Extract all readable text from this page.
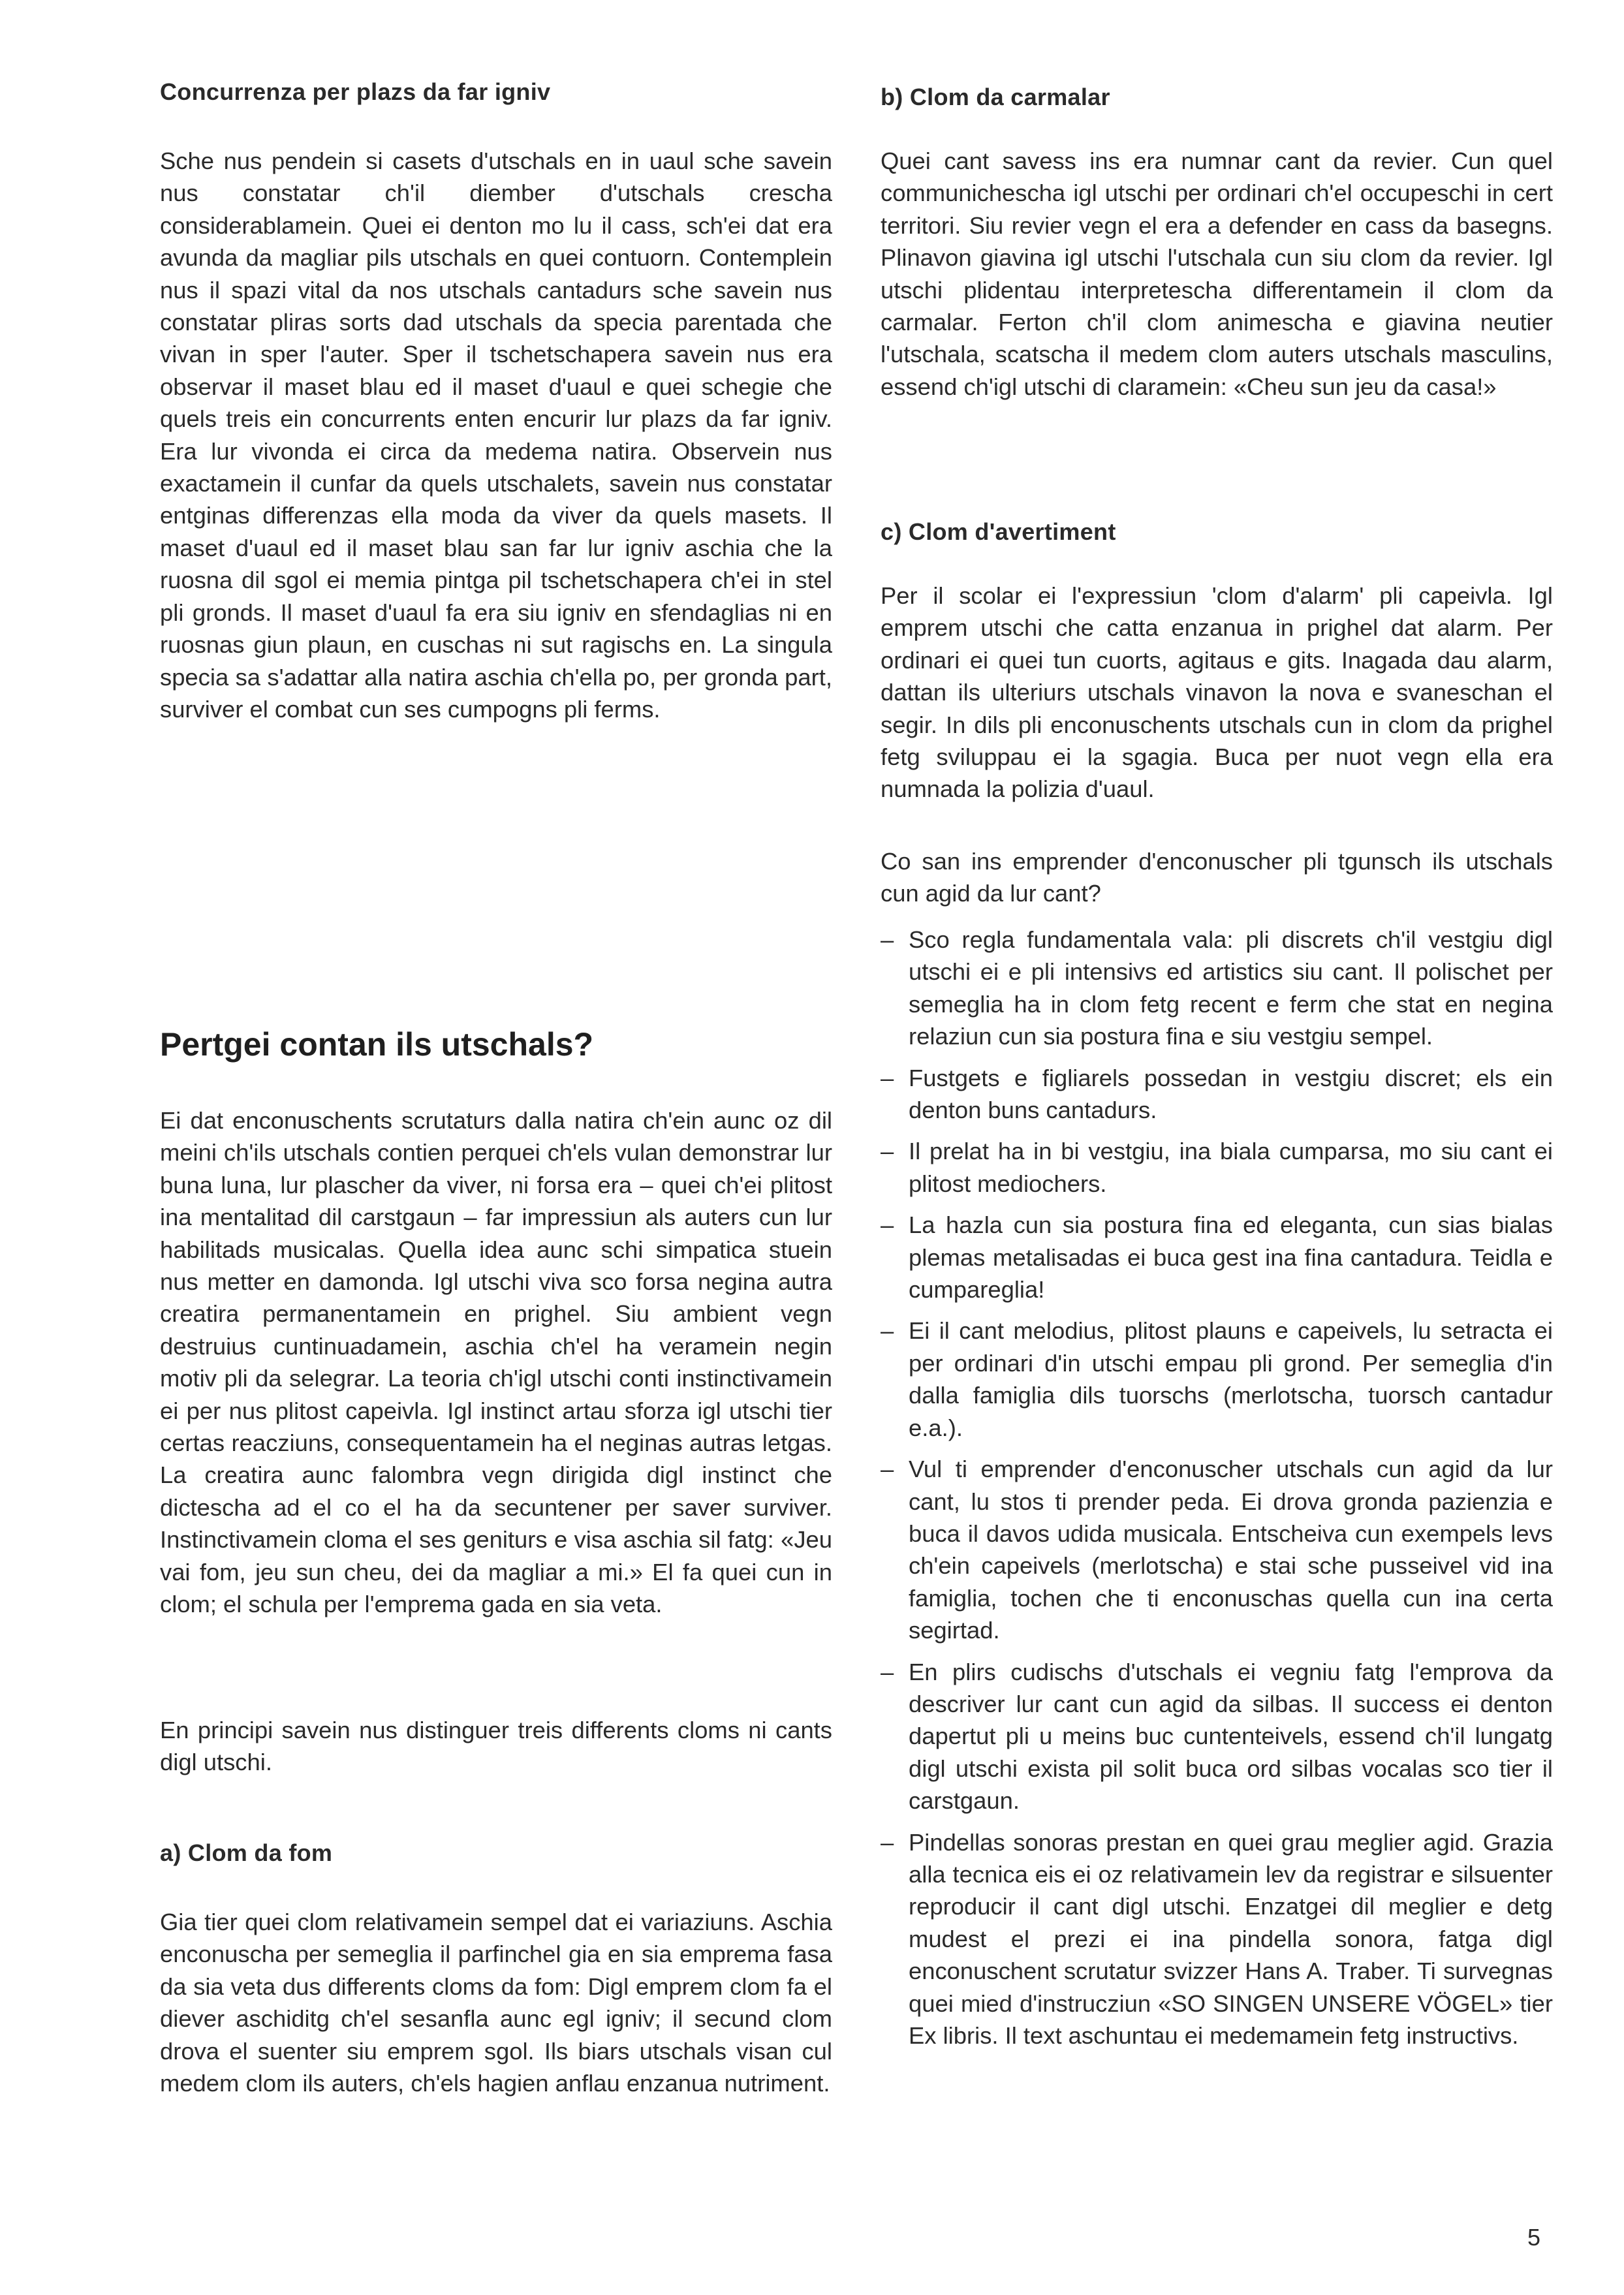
Concurrenza per plazs da far igniv

Sche nus pendein si casets d'utschals en in uaul sche savein nus constatar ch'il diember d'utschals crescha considerablamein. Quei ei denton mo lu il cass, sch'ei dat era avunda da magliar pils utschals en quei contuorn. Contemplein nus il spazi vital da nos utschals cantadurs sche savein nus constatar pliras sorts dad utschals da specia parentada che vivan in sper l'auter. Sper il tschetschapera savein nus era observar il maset blau ed il maset d'uaul e quei schegie che quels treis ein concurrents enten encurir lur plazs da far igniv. Era lur vivonda ei circa da medema natira. Observein nus exactamein il cunfar da quels utschalets, savein nus constatar entginas differenzas ella moda da viver da quels masets. Il maset d'uaul ed il maset blau san far lur igniv aschia che la ruosna dil sgol ei memia pintga pil tschetschapera ch'ei in stel pli gronds. Il maset d'uaul fa era siu igniv en sfendaglias ni en ruosnas giun plaun, en cuschas ni sut ragischs en. La singula specia sa s'adattar alla natira aschia ch'ella po, per gronda part, surviver el combat cun ses cumpogns pli ferms.

Pertgei contan ils utschals?

Ei dat enconuschents scrutaturs dalla natira ch'ein aunc oz dil meini ch'ils utschals contien perquei ch'els vulan demonstrar lur buna luna, lur plascher da viver, ni forsa era – quei ch'ei plitost ina mentalitad dil carstgaun – far impressiun als auters cun lur habilitads musicalas. Quella idea aunc schi simpatica stuein nus metter en damonda. Igl utschi viva sco forsa negina autra creatira permanentamein en prighel. Siu ambient vegn destruius cuntinuadamein, aschia ch'el ha veramein negin motiv pli da selegrar. La teoria ch'igl utschi conti instinctivamein ei per nus plitost capeivla. Igl instinct artau sforza igl utschi tier certas reacziuns, consequentamein ha el neginas autras letgas. La creatira aunc falombra vegn dirigida digl instinct che dictescha ad el co el ha da secuntener per saver surviver. Instinctivamein cloma el ses geniturs e visa aschia sil fatg: «Jeu vai fom, jeu sun cheu, dei da magliar a mi.» El fa quei cun in clom; el schula per l'emprema gada en sia veta.

En principi savein nus distinguer treis differents cloms ni cants digl utschi.

a) Clom da fom

Gia tier quei clom relativamein sempel dat ei variaziuns. Aschia enconuscha per semeglia il parfinchel gia en sia emprema fasa da sia veta dus differents cloms da fom: Digl emprem clom fa el diever aschiditg ch'el sesanfla aunc egl igniv; il secund clom drova el suenter siu emprem sgol. Ils biars utschals visan cul medem clom ils auters, ch'els hagien anflau enzanua nutriment.

b) Clom da carmalar

Quei cant savess ins era numnar cant da revier. Cun quel communichescha igl utschi per ordinari ch'el occupeschi in cert territori. Siu revier vegn el era a defender en cass da basegns. Plinavon giavina igl utschi l'utschala cun siu clom da revier. Igl utschi plidentau interpretescha differentamein il clom da carmalar. Ferton ch'il clom animescha e giavina neutier l'utschala, scatscha il medem clom auters utschals masculins, essend ch'igl utschi di claramein: «Cheu sun jeu da casa!»

c) Clom d'avertiment

Per il scolar ei l'expressiun 'clom d'alarm' pli capeivla. Igl emprem utschi che catta enzanua in prighel dat alarm. Per ordinari ei quei tun cuorts, agitaus e gits. Inagada dau alarm, dattan ils ulteriurs utschals vinavon la nova e svaneschan el segir. In dils pli enconuschents utschals cun in clom da prighel fetg sviluppau ei la sgagia. Buca per nuot vegn ella era numnada la polizia d'uaul.

Co san ins emprender d'enconuscher pli tgunsch ils utschals cun agid da lur cant?

– Sco regla fundamentala vala: pli discrets ch'il vestgiu digl utschi ei e pli intensivs ed artistics siu cant. Il polischet per semeglia ha in clom fetg recent e ferm che stat en negina relaziun cun sia postura fina e siu vestgiu sempel.
– Fustgets e figliarels possedan in vestgiu discret; els ein denton buns cantadurs.
– Il prelat ha in bi vestgiu, ina biala cumparsa, mo siu cant ei plitost mediochers.
– La hazla cun sia postura fina ed eleganta, cun sias bialas plemas metalisadas ei buca gest ina fina cantadura. Teidla e cumpareglia!
– Ei il cant melodius, plitost plauns e capeivels, lu setracta ei per ordinari d'in utschi empau pli grond. Per semeglia d'in dalla famiglia dils tuorschs (merlotscha, tuorsch cantadur e.a.).
– Vul ti emprender d'enconuscher utschals cun agid da lur cant, lu stos ti prender peda. Ei drova gronda pazienzia e buca il davos udida musicala. Entscheiva cun exempels levs ch'ein capeivels (merlotscha) e stai sche pusseivel vid ina famiglia, tochen che ti enconuschas quella cun ina certa segirtad.
– En plirs cudischs d'utschals ei vegniu fatg l'emprova da descriver lur cant cun agid da silbas. Il success ei denton dapertut pli u meins buc cuntenteivels, essend ch'il lungatg digl utschi exista pil solit buca ord silbas vocalas sco tier il carstgaun.
– Pindellas sonoras prestan en quei grau meglier agid. Grazia alla tecnica eis ei oz relativamein lev da registrar e silsuenter reproducir il cant digl utschi. Enzatgei dil meglier e detg mudest el prezi ei ina pindella sonora, fatga digl enconuschent scrutatur svizzer Hans A. Traber. Ti survegnas quei mied d'instrucziun «SO SINGEN UNSERE VÖGEL» tier Ex libris. Il text aschuntau ei medemamein fetg instructivs.
5
